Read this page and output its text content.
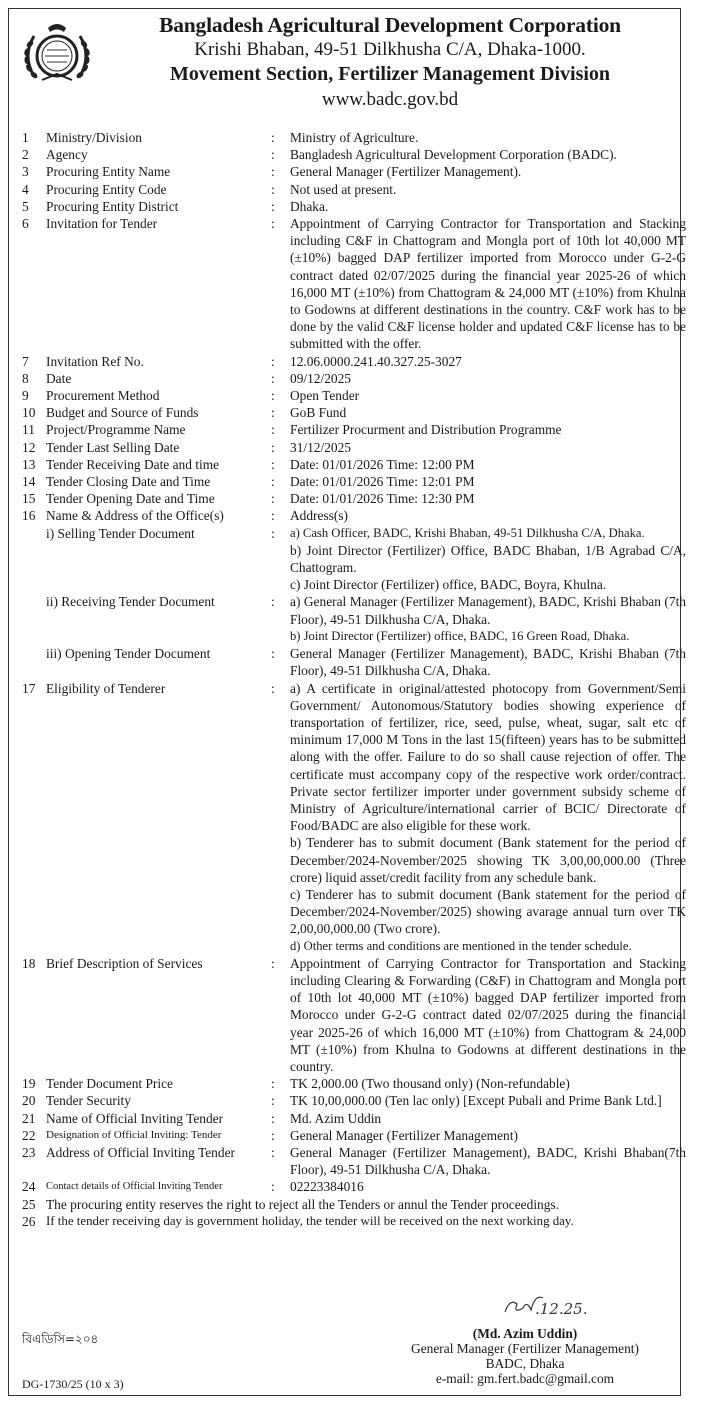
Bangladesh Agricultural Development Corporation
Krishi Bhaban, 49-51 Dilkhusha C/A, Dhaka-1000.
Movement Section, Fertilizer Management Division
www.badc.gov.bd
1	Ministry/Division	:	Ministry of Agriculture.
2	Agency	:	Bangladesh Agricultural Development Corporation (BADC).
3	Procuring Entity Name	:	General Manager (Fertilizer Management).
4	Procuring Entity Code	:	Not used at present.
5	Procuring Entity District	:	Dhaka.
6	Invitation for Tender	:	Appointment of Carrying Contractor for Transportation and Stacking including C&F in Chattogram and Mongla port of 10th lot 40,000 MT (±10%) bagged DAP fertilizer imported from Morocco under G-2-G contract dated 02/07/2025 during the financial year 2025-26 of which 16,000 MT (±10%) from Chattogram & 24,000 MT (±10%) from Khulna to Godowns at different destinations in the country. C&F work has to be done by the valid C&F license holder and updated C&F license has to be submitted with the offer.
7	Invitation Ref No.	:	12.06.0000.241.40.327.25-3027
8	Date	:	09/12/2025
9	Procurement Method	:	Open Tender
10 Budget and Source of Funds	:	GoB Fund
11 Project/Programme Name	:	Fertilizer Procurment and Distribution Programme
12 Tender Last Selling Date	:	31/12/2025
13 Tender Receiving Date and time	:	Date: 01/01/2026 Time: 12:00 PM
14 Tender Closing Date and Time	:	Date: 01/01/2026 Time: 12:01 PM
15 Tender Opening Date and Time	:	Date: 01/01/2026 Time: 12:30 PM
16 Name & Address of the Office(s)	:	Address(s)
i) Selling Tender Document	:	a) Cash Officer, BADC, Krishi Bhaban, 49-51 Dilkhusha C/A, Dhaka.
b) Joint Director (Fertilizer) Office, BADC Bhaban, 1/B Agrabad C/A, Chattogram.
c) Joint Director (Fertilizer) office, BADC, Boyra, Khulna.
ii) Receiving Tender Document	:	a) General Manager (Fertilizer Management), BADC, Krishi Bhaban (7th Floor), 49-51 Dilkhusha C/A, Dhaka.
b) Joint Director (Fertilizer) office, BADC, 16 Green Road, Dhaka.
iii) Opening Tender Document	:	General Manager (Fertilizer Management), BADC, Krishi Bhaban (7th Floor), 49-51 Dilkhusha C/A, Dhaka.
17 Eligibility of Tenderer	:	a) A certificate in original/attested photocopy from Government/Semi Government/ Autonomous/Statutory bodies showing experience of transportation of fertilizer, rice, seed, pulse, wheat, sugar, salt etc of minimum 17,000 M Tons in the last 15(fifteen) years has to be submitted along with the offer. Failure to do so shall cause rejection of offer. The certificate must accompany copy of the respective work order/contract. Private sector fertilizer importer under government subsidy scheme of Ministry of Agriculture/international carrier of BCIC/ Directorate of Food/BADC are also eligible for these work.
b) Tenderer has to submit document (Bank statement for the period of December/2024-November/2025 showing TK 3,00,00,000.00 (Three crore) liquid asset/credit facility from any schedule bank.
c) Tenderer has to submit document (Bank statement for the period of December/2024-November/2025) showing avarage annual turn over TK 2,00,00,000.00 (Two crore).
d) Other terms and conditions are mentioned in the tender schedule.
18 Brief Description of Services	:	Appointment of Carrying Contractor for Transportation and Stacking including Clearing & Forwarding (C&F) in Chattogram and Mongla port of 10th lot 40,000 MT (±10%) bagged DAP fertilizer imported from Morocco under G-2-G contract dated 02/07/2025 during the financial year 2025-26 of which 16,000 MT (±10%) from Chattogram & 24,000 MT (±10%) from Khulna to Godowns at different destinations in the country.
19 Tender Document Price	:	TK 2,000.00 (Two thousand only) (Non-refundable)
20 Tender Security	:	TK 10,00,000.00 (Ten lac only) [Except Pubali and Prime Bank Ltd.]
21 Name of Official Inviting Tender	:	Md. Azim Uddin
22 Designation of Official Inviting: Tender	:	General Manager (Fertilizer Management)
23 Address of Official Inviting Tender	:	General Manager (Fertilizer Management), BADC, Krishi Bhaban(7th Floor), 49-51 Dilkhusha C/A, Dhaka.
24	Contact details of Official Inviting Tender	:	02223384016
25 The procuring entity reserves the right to reject all the Tenders or annul the Tender proceedings.
26 If the tender receiving day is government holiday, the tender will be received on the next working day.
.12.25.
(Md. Azim Uddin)
General Manager (Fertilizer Management)
BADC, Dhaka
e-mail: gm.fert.badc@gmail.com
বিএডিসি=২০৪
DG-1730/25 (10 x 3)
